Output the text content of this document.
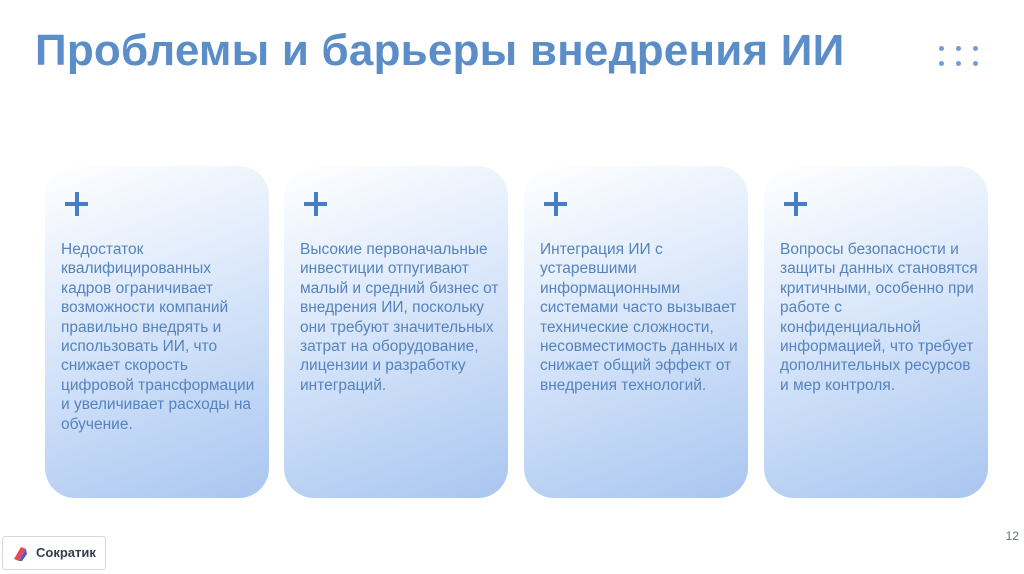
Проблемы и барьеры внедрения ИИ

Недостаток квалифицированных кадров ограничивает возможности компаний правильно внедрять и использовать ИИ, что снижает скорость цифровой трансформации и увеличивает расходы на обучение.

Высокие первоначальные инвестиции отпугивают малый и средний бизнес от внедрения ИИ, поскольку они требуют значительных затрат на оборудование, лицензии и разработку интеграций.

Интеграция ИИ с устаревшими информационными системами часто вызывает технические сложности, несовместимость данных и снижает общий эффект от внедрения технологий.

Вопросы безопасности и защиты данных становятся критичными, особенно при работе с конфиденциальной информацией, что требует дополнительных ресурсов и мер контроля.

Сократик
12
